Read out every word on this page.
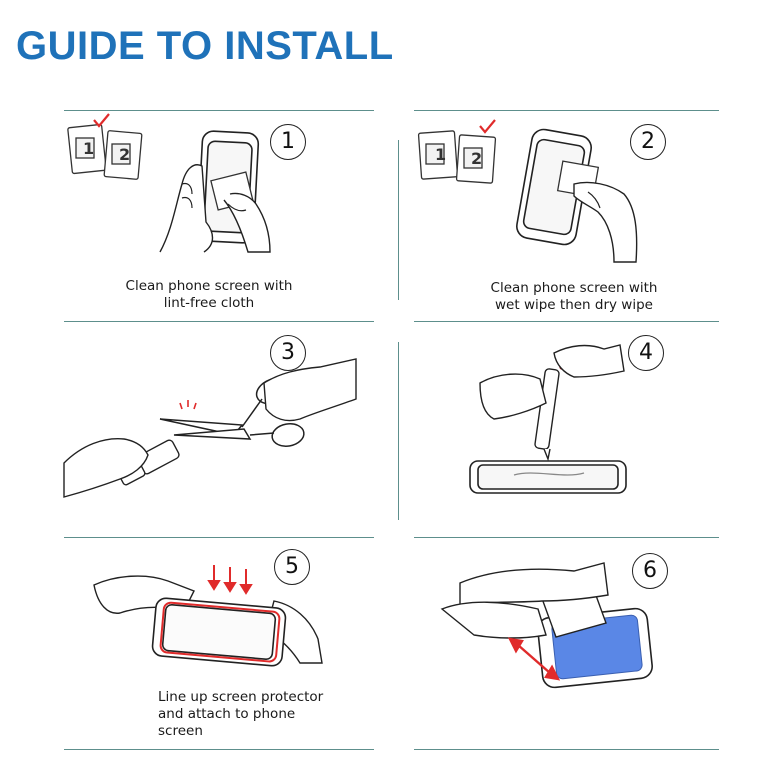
GUIDE TO INSTALL
1 2
1
Clean phone screen with
lint-free cloth
1 2
2
Clean phone screen with
wet wipe then dry wipe
3	4
5
Line up screen protector
and attach to phone
screen
6
